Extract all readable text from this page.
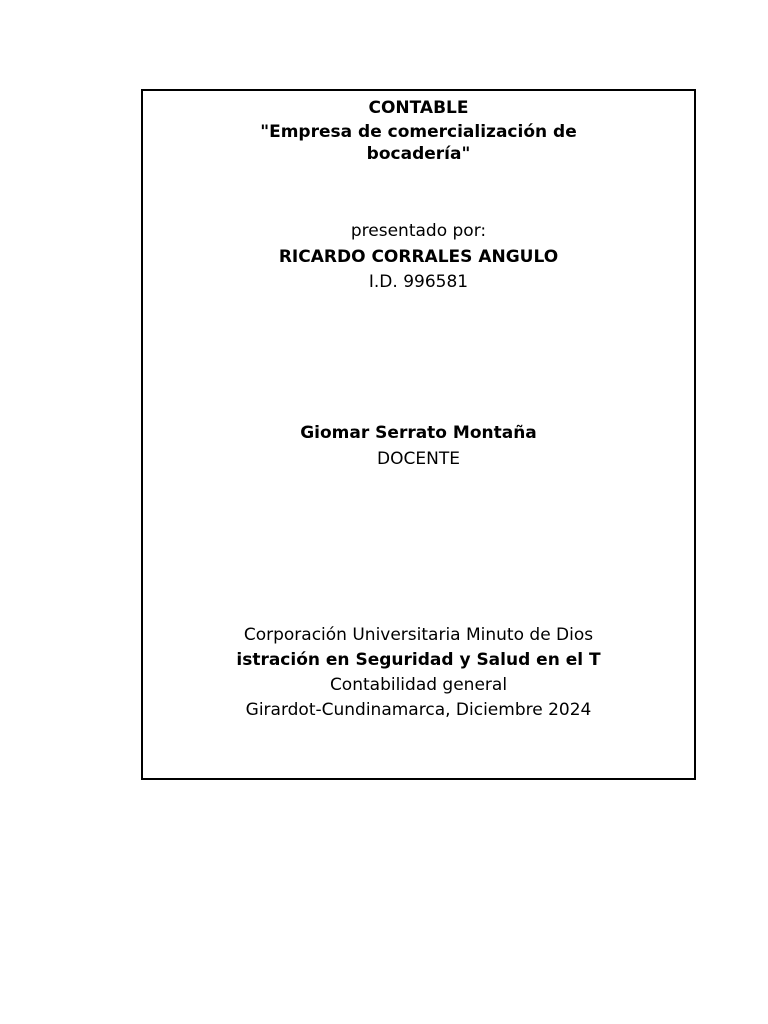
CONTABLE
"Empresa de comercialización de
bocadería"
presentado por:
RICARDO CORRALES ANGULO
I.D. 996581
Giomar Serrato Montaña
DOCENTE
Corporación Universitaria Minuto de Dios
istración en Seguridad y Salud en el T
Contabilidad general
Girardot-Cundinamarca, Diciembre 2024
